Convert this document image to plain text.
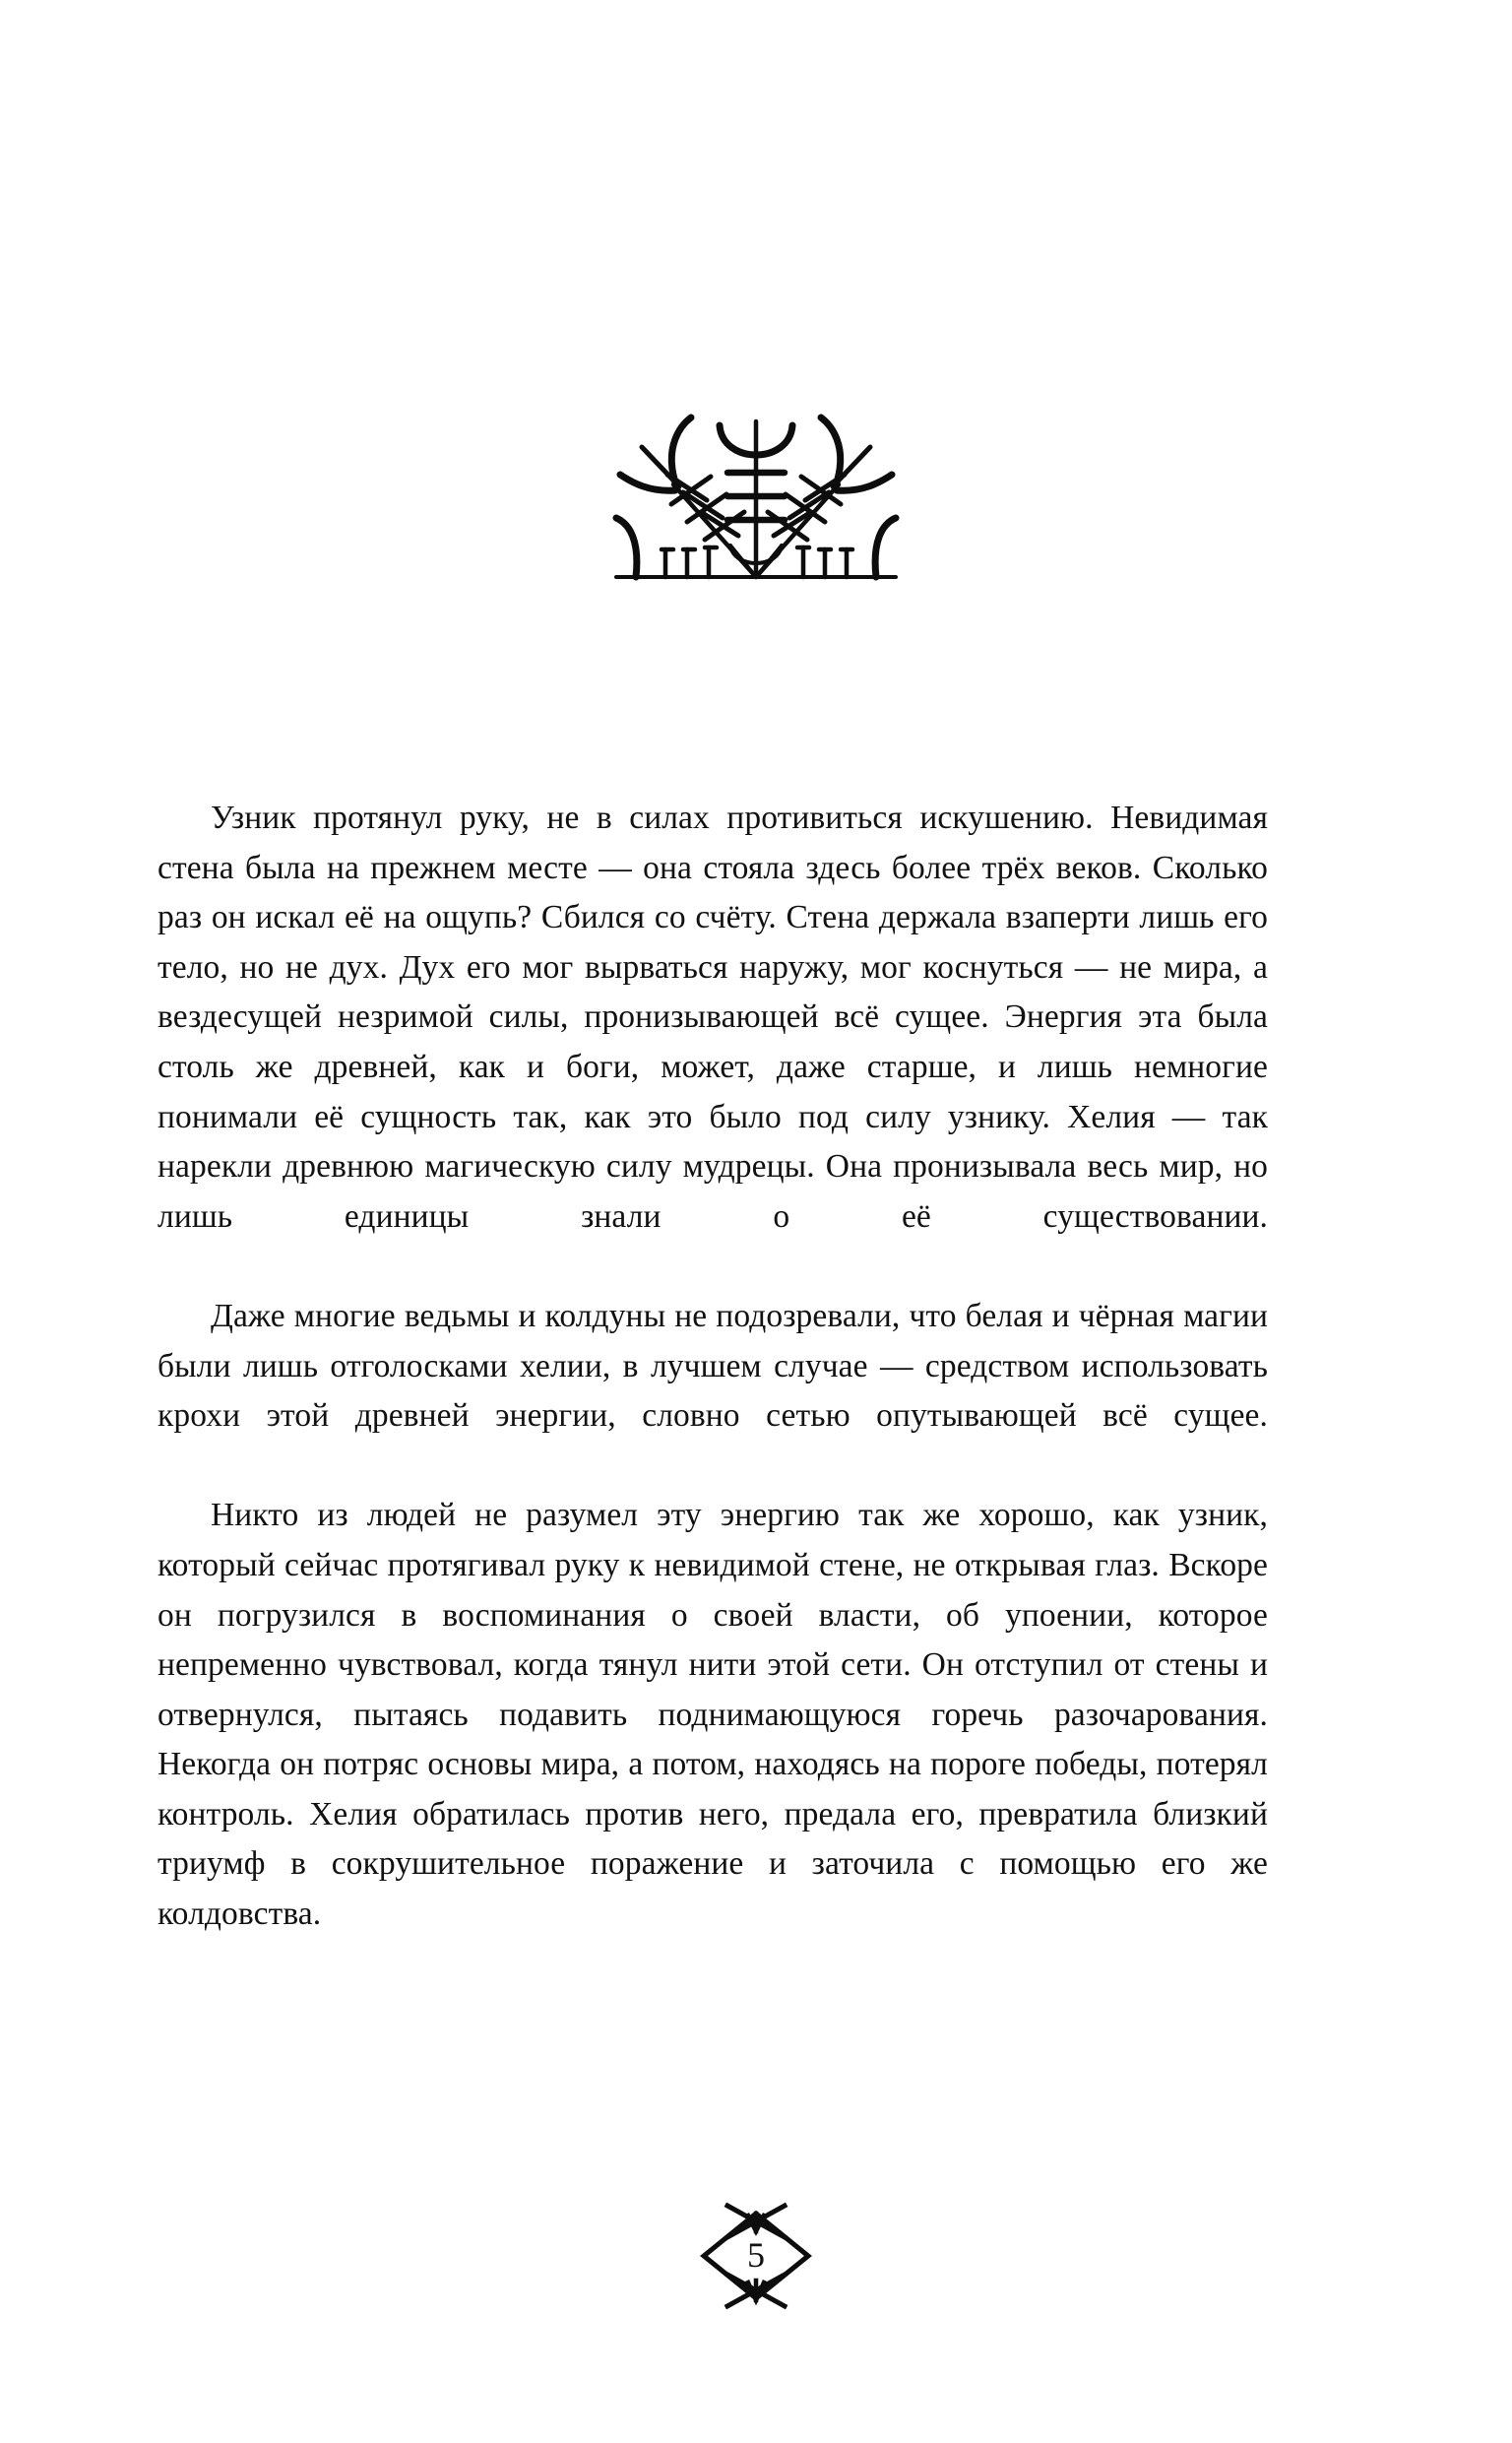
Узник протянул руку, не в силах противиться искушению. Невидимая стена была на прежнем месте — она стояла здесь более трёх веков. Сколько раз он искал её на ощупь? Сбился со счёту. Стена держала взаперти лишь его тело, но не дух. Дух его мог вырваться наружу, мог коснуться — не мира, а вездесущей незримой силы, пронизывающей всё сущее. Энергия эта была столь же древней, как и боги, может, даже старше, и лишь немногие понимали её сущность так, как это было под силу узнику. Хелия — так нарекли древнюю магическую силу мудрецы. Она пронизывала весь мир, но лишь единицы знали о её существовании.

Даже многие ведьмы и колдуны не подозревали, что белая и чёрная магии были лишь отголосками хелии, в лучшем случае — средством использовать крохи этой древней энергии, словно сетью опутывающей всё сущее.

Никто из людей не разумел эту энергию так же хорошо, как узник, который сейчас протягивал руку к невидимой стене, не открывая глаз. Вскоре он погрузился в воспоминания о своей власти, об упоении, которое непременно чувствовал, когда тянул нити этой сети. Он отступил от стены и отвернулся, пытаясь подавить поднимающуюся горечь разочарования. Некогда он потряс основы мира, а потом, находясь на пороге победы, потерял контроль. Хелия обратилась против него, предала его, превратила близкий триумф в сокрушительное поражение и заточила с помощью его же колдовства.

5
